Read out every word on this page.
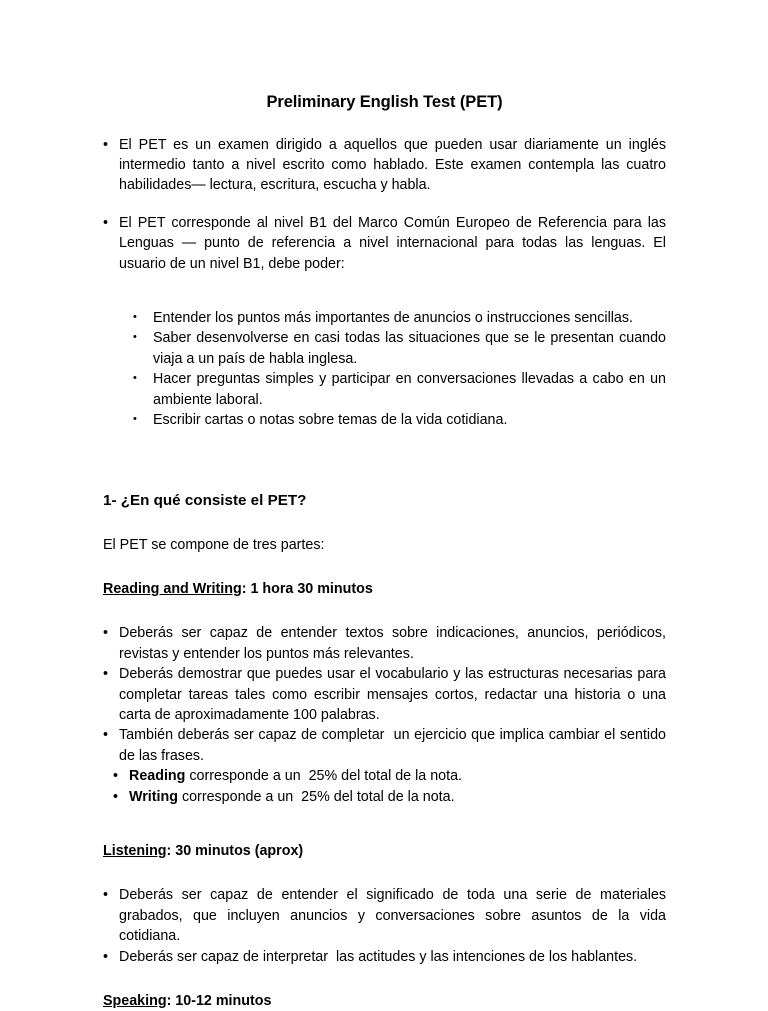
Preliminary English Test (PET)

• El PET es un examen dirigido a aquellos que pueden usar diariamente un inglés intermedio tanto a nivel escrito como hablado. Este examen contempla las cuatro habilidades— lectura, escritura, escucha y habla.

• El PET corresponde al nivel B1 del Marco Común Europeo de Referencia para las Lenguas — punto de referencia a nivel internacional para todas las lenguas. El usuario de un nivel B1, debe poder:

• Entender los puntos más importantes de anuncios o instrucciones sencillas.
• Saber desenvolverse en casi todas las situaciones que se le presentan cuando viaja a un país de habla inglesa.
• Hacer preguntas simples y participar en conversaciones llevadas a cabo en un ambiente laboral.
• Escribir cartas o notas sobre temas de la vida cotidiana.
1- ¿En qué consiste el PET?

El PET se compone de tres partes:

Reading and Writing: 1 hora 30 minutos

• Deberás ser capaz de entender textos sobre indicaciones, anuncios, periódicos, revistas y entender los puntos más relevantes.

• Deberás demostrar que puedes usar el vocabulario y las estructuras necesarias para completar tareas tales como escribir mensajes cortos, redactar una historia o una carta de aproximadamente 100 palabras.

• También deberás ser capaz de completar  un ejercicio que implica cambiar el sentido de las frases.

• Reading corresponde a un  25% del total de la nota.

• Writing corresponde a un  25% del total de la nota.

Listening: 30 minutos (aprox)

• Deberás ser capaz de entender el significado de toda una serie de materiales grabados, que incluyen anuncios y conversaciones sobre asuntos de la vida cotidiana.

• Deberás ser capaz de interpretar  las actitudes y las intenciones de los hablantes.

Speaking: 10-12 minutos
